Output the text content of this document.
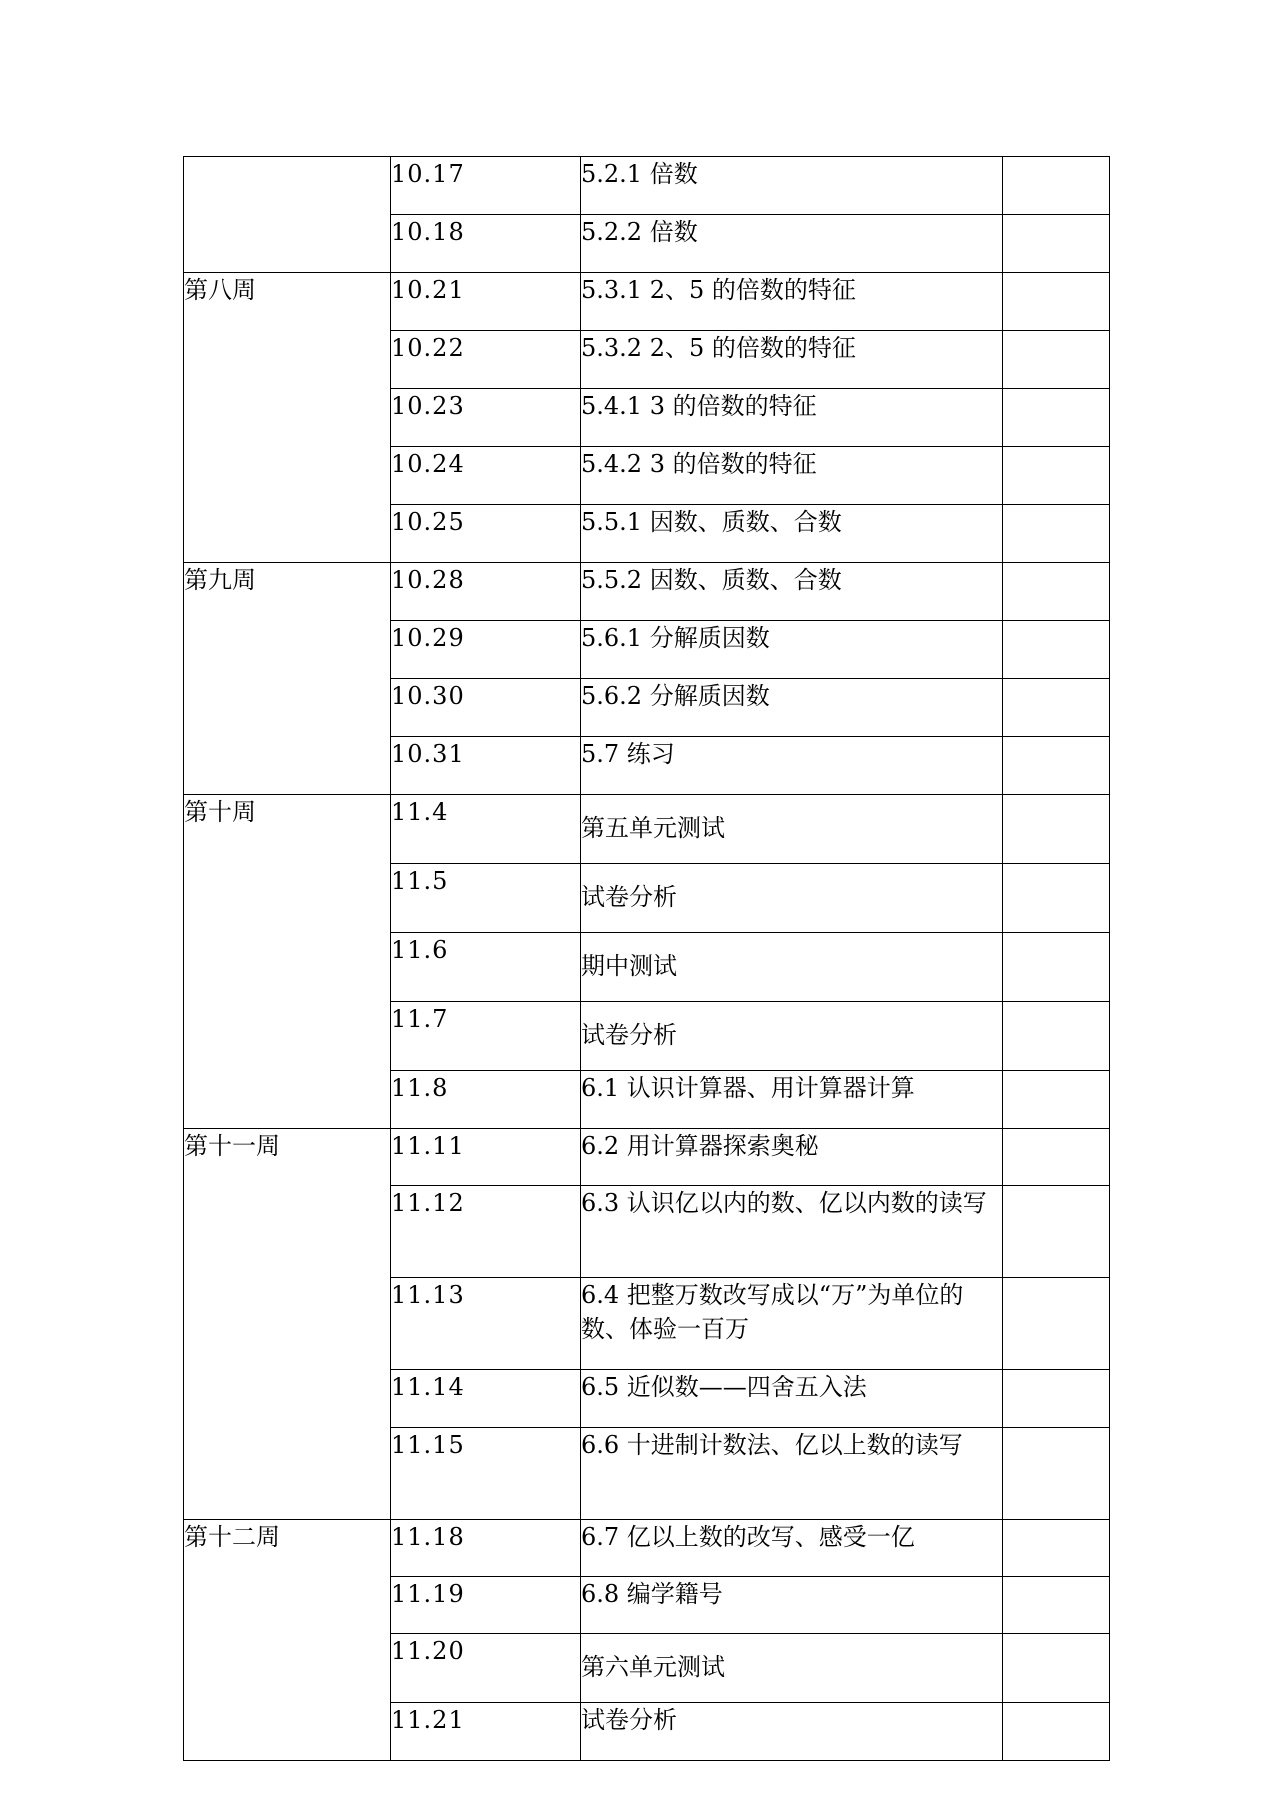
	10.17	5.2.1 倍数	
	10.18	5.2.2 倍数	
第八周	10.21	5.3.1 2、5 的倍数的特征	
	10.22	5.3.2 2、5 的倍数的特征	
	10.23	5.4.1 3 的倍数的特征	
	10.24	5.4.2 3 的倍数的特征	
	10.25	5.5.1 因数、质数、合数	
第九周	10.28	5.5.2 因数、质数、合数	
	10.29	5.6.1 分解质因数	
	10.30	5.6.2 分解质因数	
	10.31	5.7 练习	
第十周	11.4	第五单元测试	
	11.5	试卷分析	
	11.6	期中测试	
	11.7	试卷分析	
	11.8	6.1 认识计算器、用计算器计算	
第十一周	11.11	6.2 用计算器探索奥秘	
	11.12	6.3 认识亿以内的数、亿以内数的读写	
	11.13	6.4 把整万数改写成以“万”为单位的数、体验一百万	
	11.14	6.5 近似数——四舍五入法	
	11.15	6.6 十进制计数法、亿以上数的读写	
第十二周	11.18	6.7 亿以上数的改写、感受一亿	
	11.19	6.8 编学籍号	
	11.20	第六单元测试	
	11.21	试卷分析	
